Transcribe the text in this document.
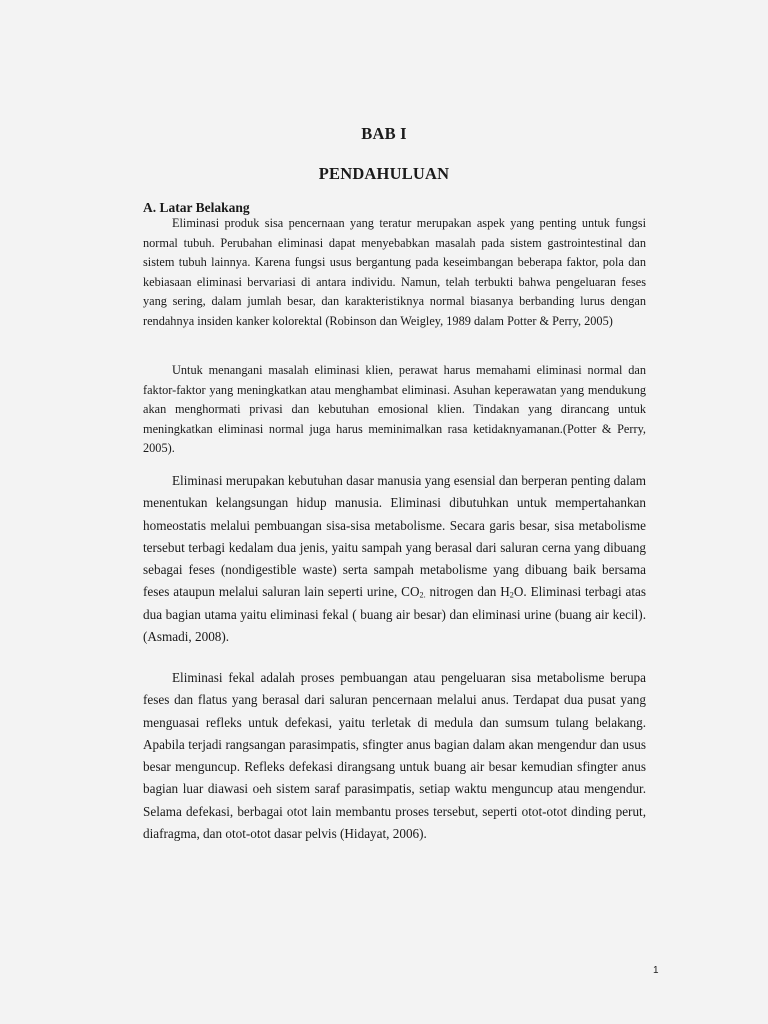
BAB I
PENDAHULUAN
A. Latar Belakang

Eliminasi produk sisa pencernaan yang teratur merupakan aspek yang penting untuk fungsi normal tubuh. Perubahan eliminasi dapat menyebabkan masalah pada sistem gastrointestinal dan sistem tubuh lainnya. Karena fungsi usus bergantung pada keseimbangan beberapa faktor, pola dan kebiasaan eliminasi bervariasi di antara individu. Namun, telah terbukti bahwa pengeluaran feses yang sering, dalam jumlah besar, dan karakteristiknya normal biasanya berbanding lurus dengan rendahnya insiden kanker kolorektal (Robinson dan Weigley, 1989 dalam Potter & Perry, 2005)

Untuk menangani masalah eliminasi klien, perawat harus memahami eliminasi normal dan faktor-faktor yang meningkatkan atau menghambat eliminasi. Asuhan keperawatan yang mendukung akan menghormati privasi dan kebutuhan emosional klien. Tindakan yang dirancang untuk meningkatkan eliminasi normal juga harus meminimalkan rasa ketidaknyamanan.(Potter & Perry, 2005).

Eliminasi merupakan kebutuhan dasar manusia yang esensial dan berperan penting dalam menentukan kelangsungan hidup manusia. Eliminasi dibutuhkan untuk mempertahankan homeostatis melalui pembuangan sisa-sisa metabolisme. Secara garis besar, sisa metabolisme tersebut terbagi kedalam dua jenis, yaitu sampah yang berasal dari saluran cerna yang dibuang sebagai feses (nondigestible waste) serta sampah metabolisme yang dibuang baik bersama feses ataupun melalui saluran lain seperti urine, $CO_{2.}$ nitrogen dan $H_2O$. Eliminasi terbagi atas dua bagian utama yaitu eliminasi fekal ( buang air besar) dan eliminasi urine (buang air kecil). (Asmadi, 2008).

Eliminasi fekal adalah proses pembuangan atau pengeluaran sisa metabolisme berupa feses dan flatus yang berasal dari saluran pencernaan melalui anus. Terdapat dua pusat yang menguasai refleks untuk defekasi, yaitu terletak di medula dan sumsum tulang belakang. Apabila terjadi rangsangan parasimpatis, sfingter anus bagian dalam akan mengendur dan usus besar menguncup. Refleks defekasi dirangsang untuk buang air besar kemudian sfingter anus bagian luar diawasi oeh sistem saraf parasimpatis, setiap waktu menguncup atau mengendur. Selama defekasi, berbagai otot lain membantu proses tersebut, seperti otot-otot dinding perut, diafragma, dan otot-otot dasar pelvis (Hidayat, 2006).

1
